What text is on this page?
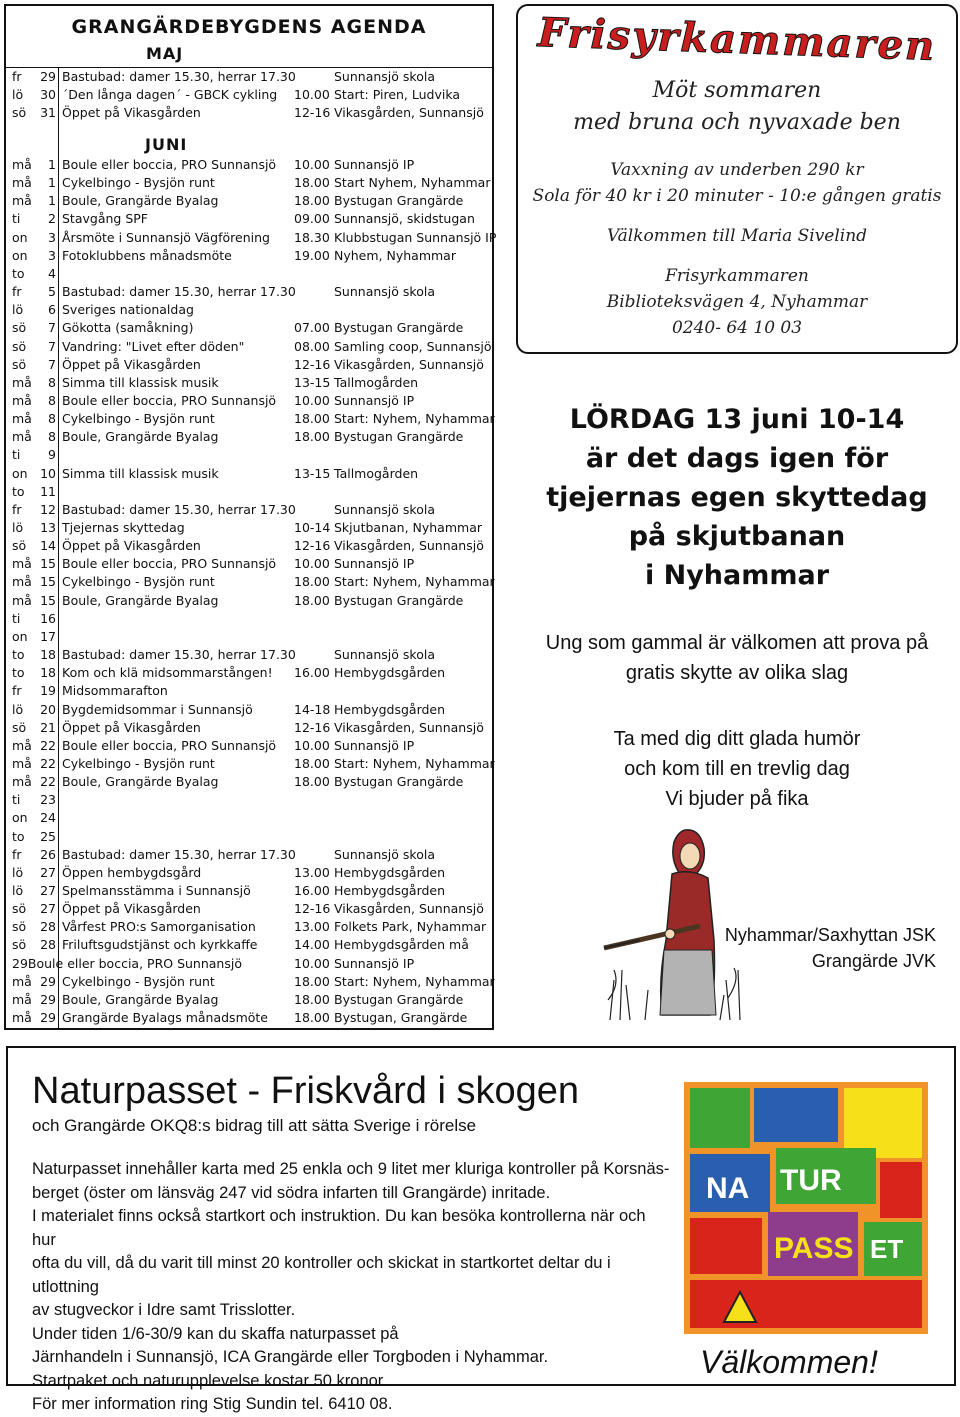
GRANGÄRDEBYGDENS AGENDA
MAJ
JUNI
fr	29 Bastubad: damer 15.30, herrar 17.30	Sunnansjö skola
lö	30 ´Den långa dagen´ - GBCK cykling 10.00 Start: Piren, Ludvika
sö	31 Öppet på Vikasgården	12-16 Vikasgården, Sunnansjö
må	1 Boule eller boccia, PRO Sunnansjö 10.00 Sunnansjö IP
må	1 Cykelbingo - Bysjön runt	18.00 Start Nyhem, Nyhammar
må	1 Boule, Grangärde Byalag	18.00 Bystugan Grangärde
ti	2 Stavgång SPF	09.00 Sunnansjö, skidstugan
on	3 Årsmöte i Sunnansjö Vägförening 18.30 Klubbstugan Sunnansjö IP
on	3 Fotoklubbens månadsmöte	19.00 Nyhem, Nyhammar
to	4
fr	5 Bastubad: damer 15.30, herrar 17.30	Sunnansjö skola
lö	6 Sveriges nationaldag
sö	7 Gökotta (samåkning)	07.00 Bystugan Grangärde
sö	7 Vandring: "Livet efter döden"	08.00 Samling coop, Sunnansjö
sö	7 Öppet på Vikasgården	12-16 Vikasgården, Sunnansjö
må	8 Simma till klassisk musik	13-15 Tallmogården
må	8 Boule eller boccia, PRO Sunnansjö 10.00 Sunnansjö IP
må	8 Cykelbingo - Bysjön runt	18.00 Start: Nyhem, Nyhammar
må	8 Boule, Grangärde Byalag	18.00 Bystugan Grangärde
ti	9
on	10 Simma till klassisk musik	13-15 Tallmogården
to	11
fr	12 Bastubad: damer 15.30, herrar 17.30	Sunnansjö skola
lö	13 Tjejernas skyttedag	10-14 Skjutbanan, Nyhammar
sö	14 Öppet på Vikasgården	12-16 Vikasgården, Sunnansjö
må 15 Boule eller boccia, PRO Sunnansjö 10.00 Sunnansjö IP
må 15 Cykelbingo - Bysjön runt	18.00 Start: Nyhem, Nyhammar
må 15 Boule, Grangärde Byalag	18.00 Bystugan Grangärde
ti	16
on	17
to	18 Bastubad: damer 15.30, herrar 17.30	Sunnansjö skola
to	18 Kom och klä midsommarstången! 16.00 Hembygdsgården
fr	19 Midsommarafton
lö	20 Bygdemidsommar i Sunnansjö	14-18 Hembygdsgården
sö	21 Öppet på Vikasgården	12-16 Vikasgården, Sunnansjö
må 22 Boule eller boccia, PRO Sunnansjö 10.00 Sunnansjö IP
må 22 Cykelbingo - Bysjön runt	18.00 Start: Nyhem, Nyhammar
må 22 Boule, Grangärde Byalag	18.00 Bystugan Grangärde
ti	23
on	24
to	25
fr	26 Bastubad: damer 15.30, herrar 17.30	Sunnansjö skola
lö	27 Öppen hembygdsgård	13.00 Hembygdsgården
lö	27 Spelmansstämma i Sunnansjö	16.00 Hembygdsgården
sö	27 Öppet på Vikasgården	12-16 Vikasgården, Sunnansjö
sö	28 Vårfest PRO:s Samorganisation	13.00 Folkets Park, Nyhammar
sö	28 Friluftsgudstjänst och kyrkkaffe	14.00 Hembygdsgården må
29Boule eller boccia, PRO Sunnansjö	10.00 Sunnansjö IP
må 29 Cykelbingo - Bysjön runt	18.00 Start: Nyhem, Nyhammar
må 29 Boule, Grangärde Byalag	18.00 Bystugan Grangärde
må 29 Grangärde Byalags månadsmöte 18.00 Bystugan, Grangärde
Frisyrkammaren
Möt sommaren
med bruna och nyvaxade ben
Vaxxning av underben 290 kr
Sola för 40 kr i 20 minuter - 10:e gången gratis
Välkommen till Maria Sivelind
Frisyrkammaren
Biblioteksvägen 4, Nyhammar
0240- 64 10 03
LÖRDAG 13 juni 10-14
är det dags igen för
tjejernas egen skyttedag
på skjutbanan
i Nyhammar
Ung som gammal är välkomen att prova på
gratis skytte av olika slag
Ta med dig ditt glada humör
och kom till en trevlig dag
Vi bjuder på fika
Nyhammar/Saxhyttan JSK
Grangärde JVK
Naturpasset - Friskvård i skogen
och Grangärde OKQ8:s bidrag till att sätta Sverige i rörelse
Naturpasset innehåller karta med 25 enkla och 9 litet mer kluriga kontroller på Korsnäs-
berget (öster om länsväg 247 vid södra infarten till Grangärde) inritade.
I materialet finns också startkort och instruktion. Du kan besöka kontrollerna när och hur
ofta du vill, då du varit till minst 20 kontroller och skickat in startkortet deltar du i utlottning
av stugveckor i Idre samt Trisslotter.
Under tiden 1/6-30/9 kan du skaffa naturpasset på
Järnhandeln i Sunnansjö, ICA Grangärde eller Torgboden i Nyhammar.
Startpaket och naturupplevelse kostar 50 kronor.
För mer information ring Stig Sundin tel. 6410 08.
NA TUR
PASS ET
Välkommen!
